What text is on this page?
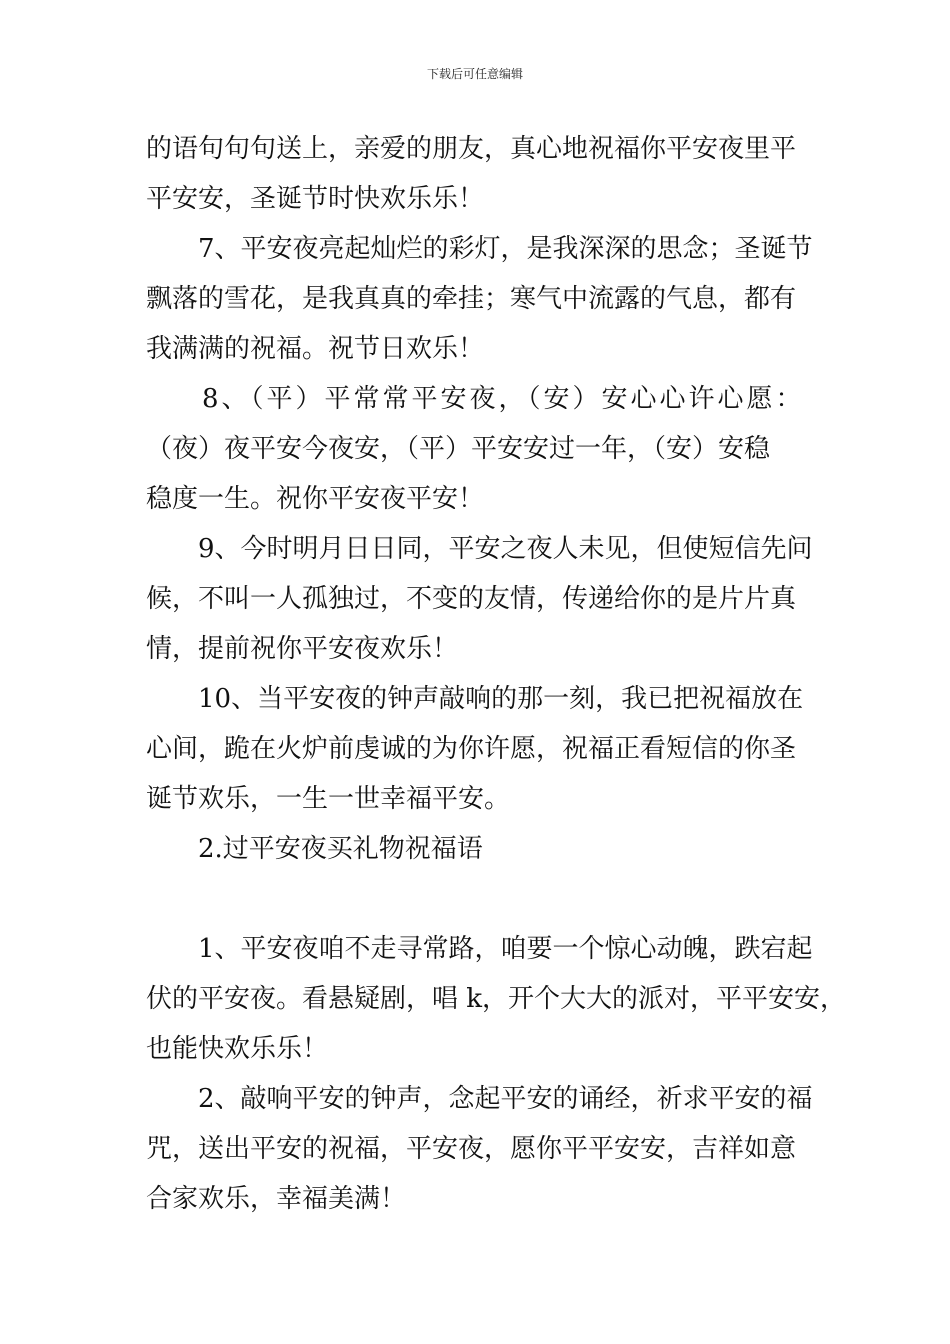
下载后可任意编辑

的语句句句送上，亲爱的朋友，真心地祝福你平安夜里平

平安安，圣诞节时快欢乐乐！

7、平安夜亮起灿烂的彩灯，是我深深的思念；圣诞节

飘落的雪花，是我真真的牵挂；寒气中流露的气息，都有

我满满的祝福。祝节日欢乐！

8、（平）平常常平安夜，（安）安心心许心愿：

（夜）夜平安今夜安，（平）平安安过一年，（安）安稳

稳度一生。祝你平安夜平安！

9、今时明月日日同，平安之夜人未见，但使短信先问

候，不叫一人孤独过，不变的友情，传递给你的是片片真

情，提前祝你平安夜欢乐！

10、当平安夜的钟声敲响的那一刻，我已把祝福放在

心间，跪在火炉前虔诚的为你许愿，祝福正看短信的你圣

诞节欢乐，一生一世幸福平安。

2.过平安夜买礼物祝福语

1、平安夜咱不走寻常路，咱要一个惊心动魄，跌宕起

伏的平安夜。看悬疑剧，唱 k，开个大大的派对，平平安安，

也能快欢乐乐！

2、敲响平安的钟声，念起平安的诵经，祈求平安的福

咒，送出平安的祝福，平安夜，愿你平平安安，吉祥如意

合家欢乐，幸福美满！
